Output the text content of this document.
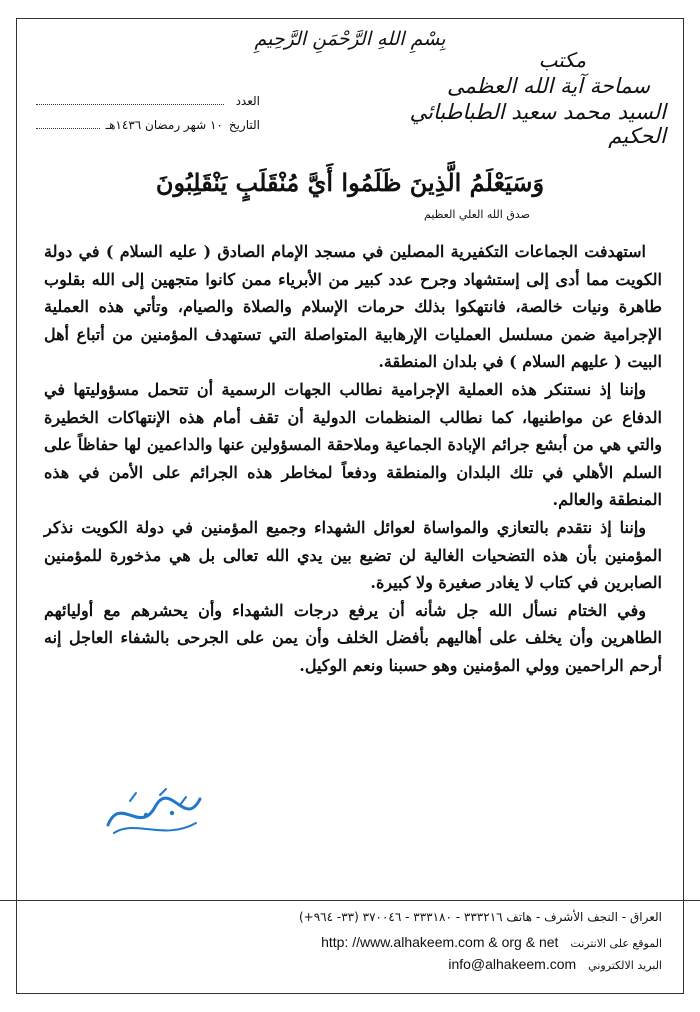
بِسْمِ اللهِ الرَّحْمَنِ الرَّحِيمِ
مكتب
سماحة آية الله العظمى
السيد محمد سعيد الطباطبائي الحكيم
العدد
التاريخ
١٠ شهر رمضان ١٤٣٦هـ
وَسَيَعْلَمُ الَّذِينَ ظَلَمُوا أَيَّ مُنْقَلَبٍ يَنْقَلِبُونَ
صدق الله العلي العظيم

استهدفت الجماعات التكفيرية المصلين في مسجد الإمام الصادق ( عليه السلام ) في دولة الكويت مما أدى إلى إستشهاد وجرح عدد كبير من الأبرياء ممن كانوا متجهين إلى الله بقلوب طاهرة ونيات خالصة، فانتهكوا بذلك حرمات الإسلام والصلاة والصيام، وتأتي هذه العملية الإجرامية ضمن مسلسل العمليات الإرهابية المتواصلة التي تستهدف المؤمنين من أتباع أهل البيت ( عليهم السلام ) في بلدان المنطقة.

وإننا إذ نستنكر هذه العملية الإجرامية نطالب الجهات الرسمية أن تتحمل مسؤوليتها في الدفاع عن مواطنيها، كما نطالب المنظمات الدولية أن تقف أمام هذه الإنتهاكات الخطيرة والتي هي من أبشع جرائم الإبادة الجماعية وملاحقة المسؤولين عنها والداعمين لها حفاظاً على السلم الأهلي في تلك البلدان والمنطقة ودفعاً لمخاطر هذه الجرائم على الأمن في هذه المنطقة والعالم.

وإننا إذ نتقدم بالتعازي والمواساة لعوائل الشهداء وجميع المؤمنين في دولة الكويت نذكر المؤمنين بأن هذه التضحيات الغالية لن تضيع بين يدي الله تعالى بل هي مذخورة للمؤمنين الصابرين في كتاب لا يغادر صغيرة ولا كبيرة.

وفي الختام نسأل الله جل شأنه أن يرفع درجات الشهداء وأن يحشرهم مع أوليائهم الطاهرين وأن يخلف على أهاليهم بأفضل الخلف وأن يمن على الجرحى بالشفاء العاجل إنه أرحم الراحمين وولي المؤمنين وهو حسبنا ونعم الوكيل.

العراق - النجف الأشرف - هاتف ٣٣٣٢١٦ - ٣٣٣١٨٠ - ٣٧٠٠٤٦ (٣٣- ٩٦٤+)
الموقع على الانترنت
http: //www.alhakeem.com & org & net
البريد الالكتروني
info@alhakeem.com
